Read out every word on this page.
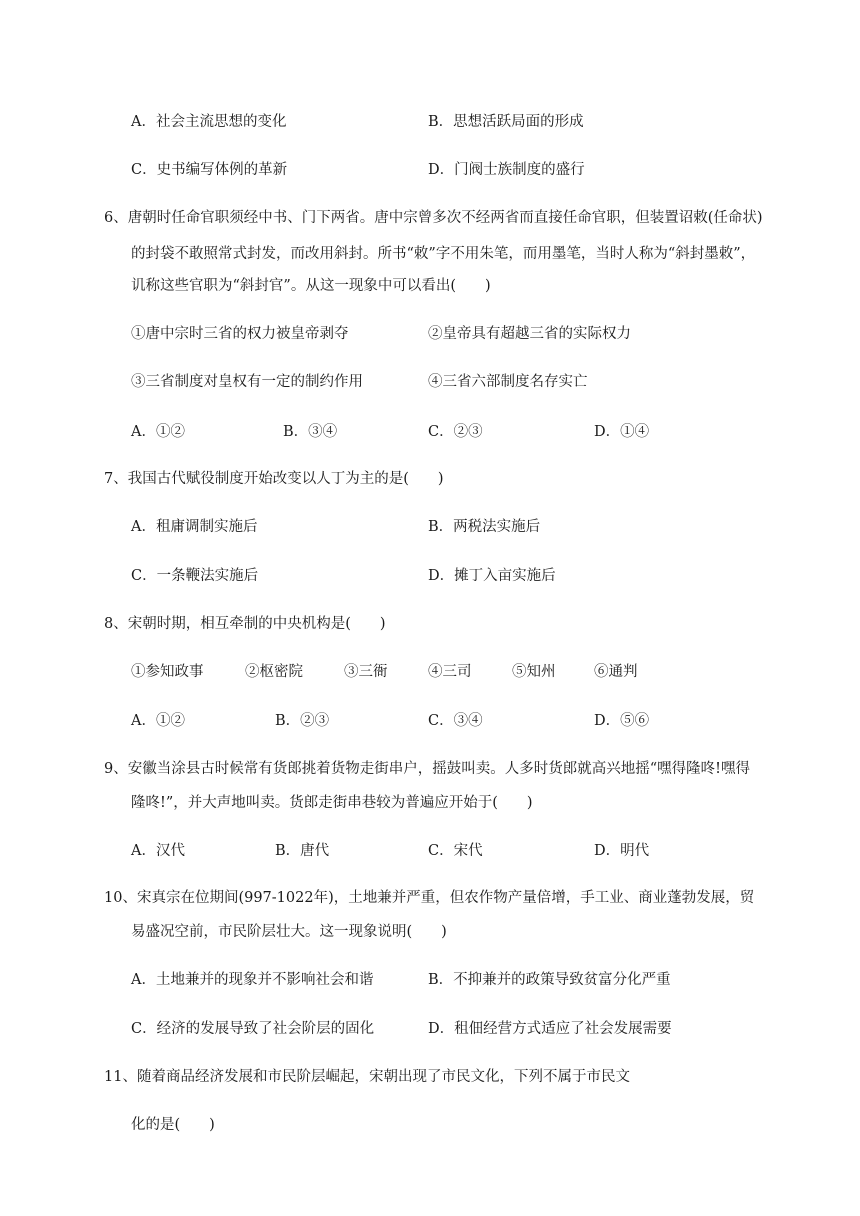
A．社会主流思想的变化	B．思想活跃局面的形成
C．史书编写体例的革新	D．门阀士族制度的盛行
6、唐朝时任命官职须经中书、门下两省。唐中宗曾多次不经两省而直接任命官职，但装置诏敕(任命状)
的封袋不敢照常式封发，而改用斜封。所书“敕”字不用朱笔，而用墨笔，当时人称为“斜封墨敕”，
讥称这些官职为“斜封官”。从这一现象中可以看出(　　)
①唐中宗时三省的权力被皇帝剥夺	②皇帝具有超越三省的实际权力
③三省制度对皇权有一定的制约作用	④三省六部制度名存实亡
A．①②	B．③④	C．②③	D．①④
7、我国古代赋役制度开始改变以人丁为主的是(　　)
A．租庸调制实施后	B．两税法实施后
C．一条鞭法实施后	D．摊丁入亩实施后
8、宋朝时期，相互牵制的中央机构是(　　)
①参知政事	②枢密院	③三衙	④三司	⑤知州	⑥通判
A．①②	B．②③	C．③④	D．⑤⑥
9、安徽当涂县古时候常有货郎挑着货物走街串户，摇鼓叫卖。人多时货郎就高兴地摇“嘿得隆咚!嘿得
隆咚!”，并大声地叫卖。货郎走街串巷较为普遍应开始于(　　)
A．汉代	B．唐代	C．宋代	D．明代
10、宋真宗在位期间(997-1022年)，土地兼并严重，但农作物产量倍增，手工业、商业蓬勃发展，贸
易盛况空前，市民阶层壮大。这一现象说明(　　)
A．土地兼并的现象并不影响社会和谐	B．不抑兼并的政策导致贫富分化严重
C．经济的发展导致了社会阶层的固化	D．租佃经营方式适应了社会发展需要
11、随着商品经济发展和市民阶层崛起，宋朝出现了市民文化，下列不属于市民文
化的是(　　)
